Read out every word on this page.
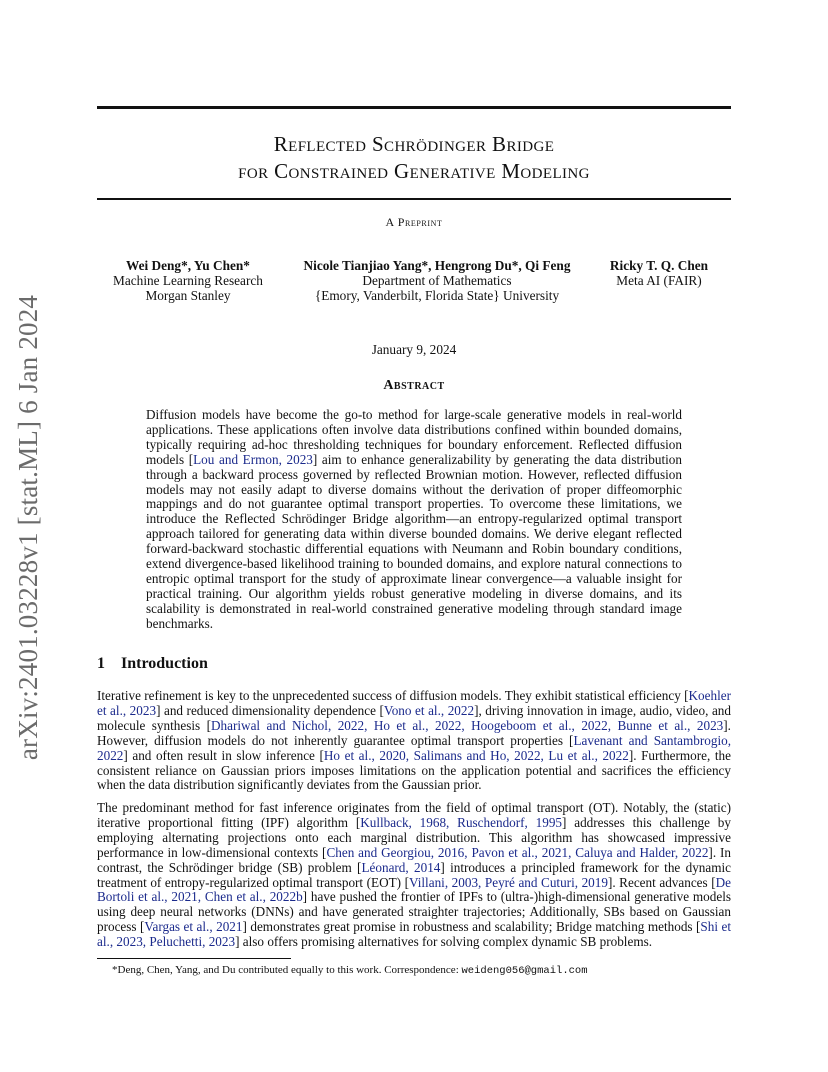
arXiv:2401.03228v1 [stat.ML] 6 Jan 2024
Reflected Schrödinger Bridge
for Constrained Generative Modeling
A Preprint
Wei Deng*, Yu Chen*
Machine Learning Research
Morgan Stanley
Nicole Tianjiao Yang*, Hengrong Du*, Qi Feng
Department of Mathematics
{Emory, Vanderbilt, Florida State} University
Ricky T. Q. Chen
Meta AI (FAIR)
January 9, 2024
Abstract

Diffusion models have become the go-to method for large-scale generative models in real-world applications. These applications often involve data distributions confined within bounded domains, typically requiring ad-hoc thresholding techniques for boundary enforcement. Reflected diffusion models [Lou and Ermon, 2023] aim to enhance generalizability by generating the data distribution through a backward process governed by reflected Brownian motion. However, reflected diffusion models may not easily adapt to diverse domains without the derivation of proper diffeomorphic mappings and do not guarantee optimal transport properties. To overcome these limitations, we introduce the Reflected Schrödinger Bridge algorithm—an entropy-regularized optimal transport approach tailored for generating data within diverse bounded domains. We derive elegant reflected forward-backward stochastic differential equations with Neumann and Robin boundary conditions, extend divergence-based likelihood training to bounded domains, and explore natural connections to entropic optimal transport for the study of approximate linear convergence—a valuable insight for practical training. Our algorithm yields robust generative modeling in diverse domains, and its scalability is demonstrated in real-world constrained generative modeling through standard image benchmarks.

1 Introduction

Iterative refinement is key to the unprecedented success of diffusion models. They exhibit statistical efficiency [Koehler et al., 2023] and reduced dimensionality dependence [Vono et al., 2022], driving innovation in image, audio, video, and molecule synthesis [Dhariwal and Nichol, 2022, Ho et al., 2022, Hoogeboom et al., 2022, Bunne et al., 2023]. However, diffusion models do not inherently guarantee optimal transport properties [Lavenant and Santambrogio, 2022] and often result in slow inference [Ho et al., 2020, Salimans and Ho, 2022, Lu et al., 2022]. Furthermore, the consistent reliance on Gaussian priors imposes limitations on the application potential and sacrifices the efficiency when the data distribution significantly deviates from the Gaussian prior.

The predominant method for fast inference originates from the field of optimal transport (OT). Notably, the (static) iterative proportional fitting (IPF) algorithm [Kullback, 1968, Ruschendorf, 1995] addresses this challenge by employing alternating projections onto each marginal distribution. This algorithm has showcased impressive performance in low-dimensional contexts [Chen and Georgiou, 2016, Pavon et al., 2021, Caluya and Halder, 2022]. In contrast, the Schrödinger bridge (SB) problem [Léonard, 2014] introduces a principled framework for the dynamic treatment of entropy-regularized optimal transport (EOT) [Villani, 2003, Peyré and Cuturi, 2019]. Recent advances [De Bortoli et al., 2021, Chen et al., 2022b] have pushed the frontier of IPFs to (ultra-)high-dimensional generative models using deep neural networks (DNNs) and have generated straighter trajectories; Additionally, SBs based on Gaussian process [Vargas et al., 2021] demonstrates great promise in robustness and scalability; Bridge matching methods [Shi et al., 2023, Peluchetti, 2023] also offers promising alternatives for solving complex dynamic SB problems.

*Deng, Chen, Yang, and Du contributed equally to this work. Correspondence: weideng056@gmail.com
